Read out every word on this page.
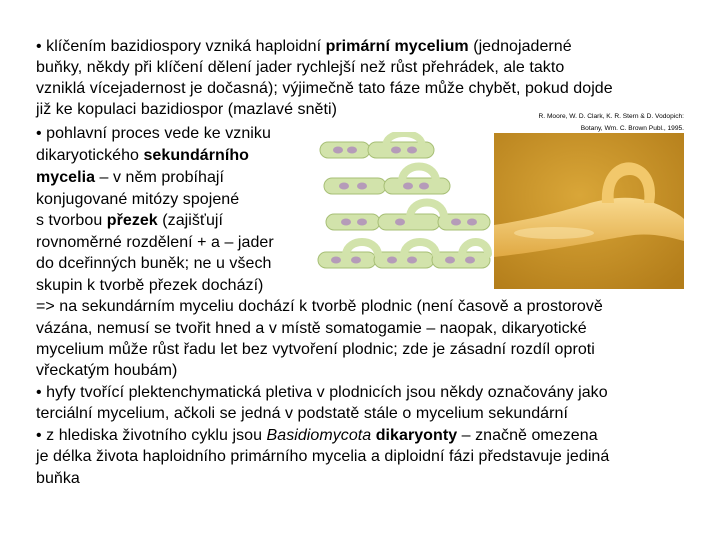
• klíčením bazidiospory vzniká haploidní primární mycelium (jednojaderné
buňky, někdy při klíčení dělení jader rychlejší než růst přehrádek, ale takto
vzniklá vícejadernost je dočasná); výjimečně tato fáze může chybět, pokud dojde
již ke kopulaci bazidiospor (mazlavé sněti)
• pohlavní proces vede ke vzniku
dikaryotického sekundárního
mycelia – v něm probíhají
konjugované mitózy spojené
s tvorbou přezek (zajišťují
rovnoměrné rozdělení + a – jader
do dceřinných buněk; ne u všech
skupin k tvorbě přezek dochází)
=> na sekundárním myceliu dochází k tvorbě plodnic (není časově a prostorově
vázána, nemusí se tvořit hned a v místě somatogamie – naopak, dikaryotické
mycelium může růst řadu let bez vytvoření plodnic; zde je zásadní rozdíl oproti
vřeckatým houbám)
• hyfy tvořící plektenchymatická pletiva v plodnicích jsou někdy označovány jako
terciální mycelium, ačkoli se jedná v podstatě stále o mycelium sekundární
• z hlediska životního cyklu jsou Basidiomycota dikaryonty – značně omezena
je délka života haploidního primárního mycelia a diploidní fázi představuje jediná
buňka
R. Moore, W. D. Clark, K. R. Stern & D. Vodopich:
Botany, Wm. C. Brown Publ., 1995.
